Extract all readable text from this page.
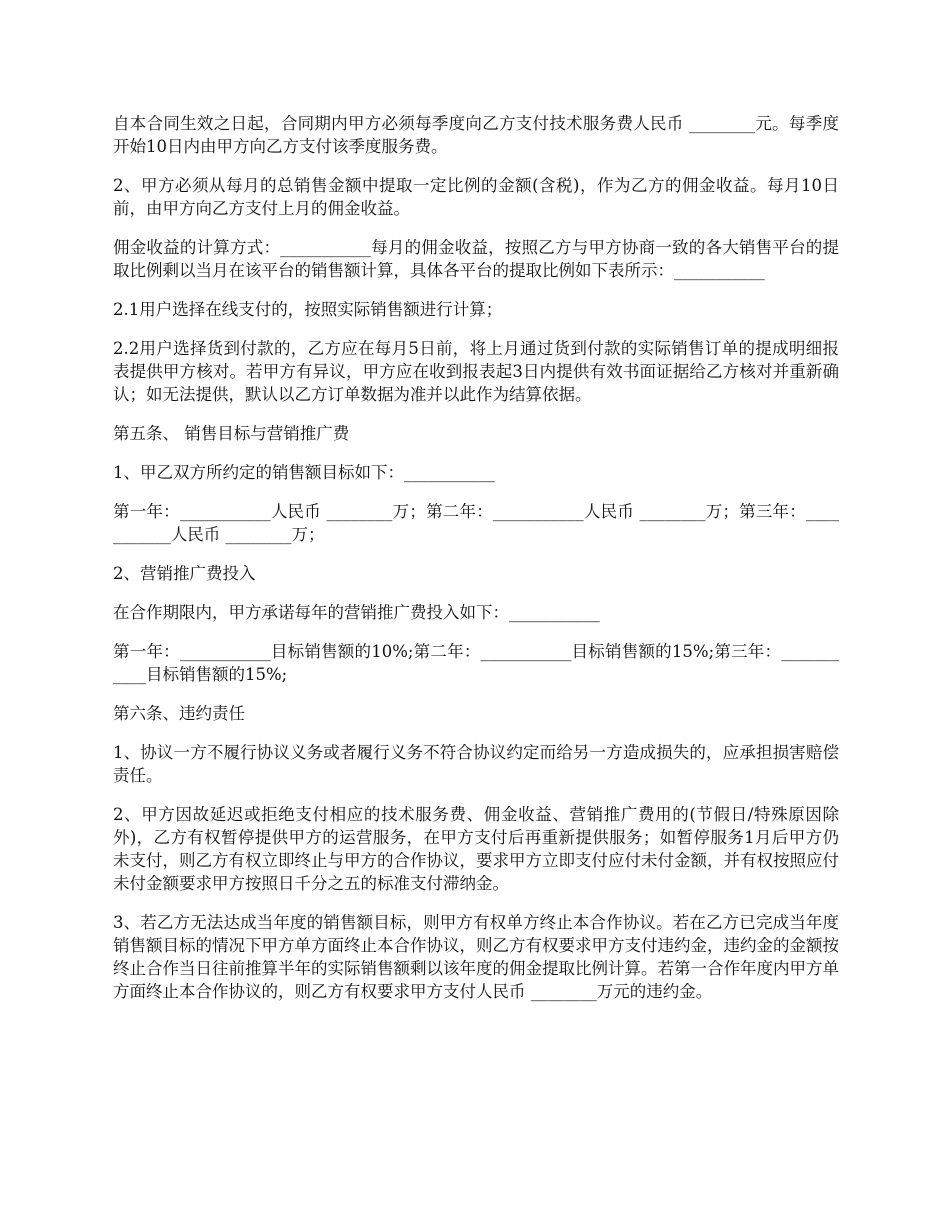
自本合同生效之日起，合同期内甲方必须每季度向乙方支付技术服务费人民币 ________元。每季度开始10日内由甲方向乙方支付该季度服务费。

2、甲方必须从每月的总销售金额中提取一定比例的金额(含税)，作为乙方的佣金收益。每月10日前，由甲方向乙方支付上月的佣金收益。

佣金收益的计算方式：___________每月的佣金收益，按照乙方与甲方协商一致的各大销售平台的提取比例剩以当月在该平台的销售额计算，具体各平台的提取比例如下表所示：___________

2.1用户选择在线支付的，按照实际销售额进行计算；

2.2用户选择货到付款的，乙方应在每月5日前，将上月通过货到付款的实际销售订单的提成明细报表提供甲方核对。若甲方有异议，甲方应在收到报表起3日内提供有效书面证据给乙方核对并重新确认；如无法提供，默认以乙方订单数据为准并以此作为结算依据。

第五条、 销售目标与营销推广费

1、甲乙双方所约定的销售额目标如下：___________

第一年：___________人民币 ________万；第二年：___________人民币 ________万；第三年：___________人民币 ________万；

2、营销推广费投入

在合作期限内，甲方承诺每年的营销推广费投入如下：___________

第一年：___________目标销售额的10%;第二年：___________目标销售额的15%;第三年：___________目标销售额的15%;

第六条、违约责任

1、协议一方不履行协议义务或者履行义务不符合协议约定而给另一方造成损失的，应承担损害赔偿责任。

2、甲方因故延迟或拒绝支付相应的技术服务费、佣金收益、营销推广费用的(节假日/特殊原因除外)，乙方有权暂停提供甲方的运营服务，在甲方支付后再重新提供服务；如暂停服务1月后甲方仍未支付，则乙方有权立即终止与甲方的合作协议，要求甲方立即支付应付未付金额，并有权按照应付未付金额要求甲方按照日千分之五的标准支付滞纳金。

3、若乙方无法达成当年度的销售额目标，则甲方有权单方终止本合作协议。若在乙方已完成当年度销售额目标的情况下甲方单方面终止本合作协议，则乙方有权要求甲方支付违约金，违约金的金额按终止合作当日往前推算半年的实际销售额剩以该年度的佣金提取比例计算。若第一合作年度内甲方单方面终止本合作协议的，则乙方有权要求甲方支付人民币 ________万元的违约金。
